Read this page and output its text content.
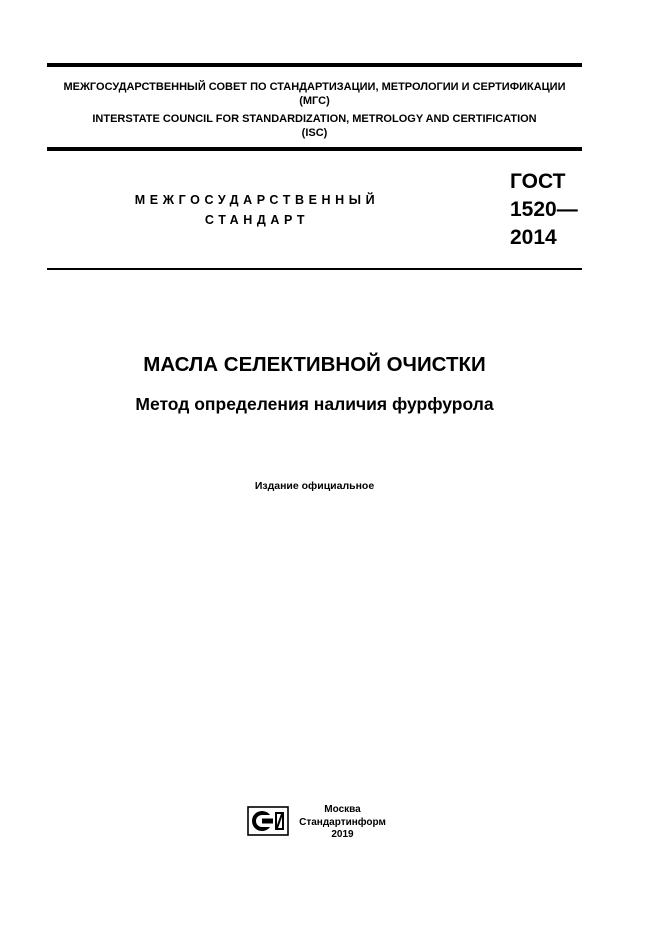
МЕЖГОСУДАРСТВЕННЫЙ СОВЕТ ПО СТАНДАРТИЗАЦИИ, МЕТРОЛОГИИ И СЕРТИФИКАЦИИ
(МГС)
INTERSTATE COUNCIL FOR STANDARDIZATION, METROLOGY AND CERTIFICATION
(ISC)
МЕЖГОСУДАРСТВЕННЫЙ
СТАНДАРТ
ГОСТ
1520—
2014
МАСЛА СЕЛЕКТИВНОЙ ОЧИСТКИ
Метод определения наличия фурфурола
Издание официальное
Москва
Стандартинформ
2019
